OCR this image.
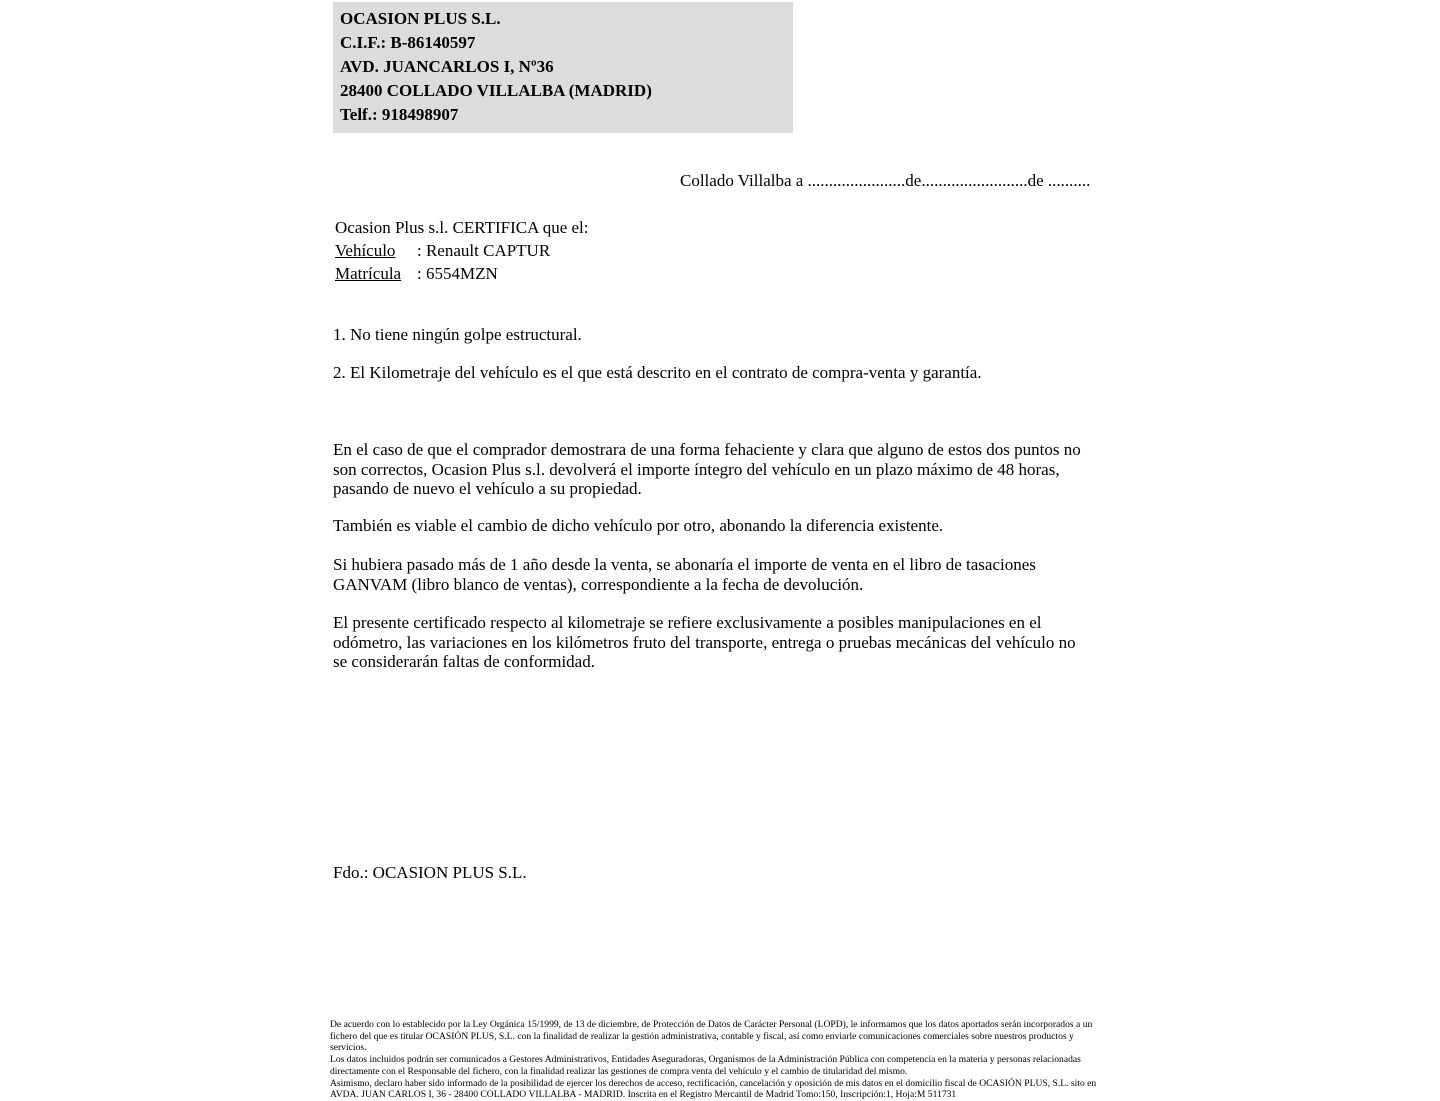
OCASION PLUS S.L.
C.I.F.: B-86140597
AVD. JUANCARLOS I, Nº36
28400 COLLADO VILLALBA (MADRID)
Telf.: 918498907
Collado Villalba a .......................de.........................de ..........
Ocasion Plus s.l. CERTIFICA que el:
Vehículo : Renault CAPTUR
Matrícula : 6554MZN
1. No tiene ningún golpe estructural.
2. El Kilometraje del vehículo es el que está descrito en el contrato de compra-venta y garantía.
En el caso de que el comprador demostrara de una forma fehaciente y clara que alguno de estos dos puntos no son correctos, Ocasion Plus s.l. devolverá el importe íntegro del vehículo en un plazo máximo de 48 horas, pasando de nuevo el vehículo a su propiedad.
También es viable el cambio de dicho vehículo por otro, abonando la diferencia existente.
Si hubiera pasado más de 1 año desde la venta, se abonaría el importe de venta en el libro de tasaciones GANVAM (libro blanco de ventas), correspondiente a la fecha de devolución.
El presente certificado respecto al kilometraje se refiere exclusivamente a posibles manipulaciones en el odómetro, las variaciones en los kilómetros fruto del transporte, entrega o pruebas mecánicas del vehículo no se considerarán faltas de conformidad.
Fdo.: OCASION PLUS S.L.

De acuerdo con lo establecido por la Ley Orgánica 15/1999, de 13 de diciembre, de Protección de Datos de Carácter Personal (LOPD), le informamos que los datos aportados serán incorporados a un fichero del que es titular OCASIÓN PLUS, S.L. con la finalidad de realizar la gestión administrativa, contable y fiscal, así como enviarle comunicaciones comerciales sobre nuestros productos y servicios.

Los datos incluidos podrán ser comunicados a Gestores Administrativos, Entidades Aseguradoras, Organismos de la Administración Pública con competencia en la materia y personas relacionadas directamente con el Responsable del fichero, con la finalidad realizar las gestiones de compra venta del vehículo y el cambio de titularidad del mismo.

Asimismo, declaro haber sido informado de la posibilidad de ejercer los derechos de acceso, rectificación, cancelación y oposición de mis datos en el domicilio fiscal de OCASIÓN PLUS, S.L. sito en AVDA. JUAN CARLOS I, 36 - 28400 COLLADO VILLALBA - MADRID. Inscrita en el Registro Mercantil de Madrid Tomo:150, Inscripción:1, Hoja:M 511731
